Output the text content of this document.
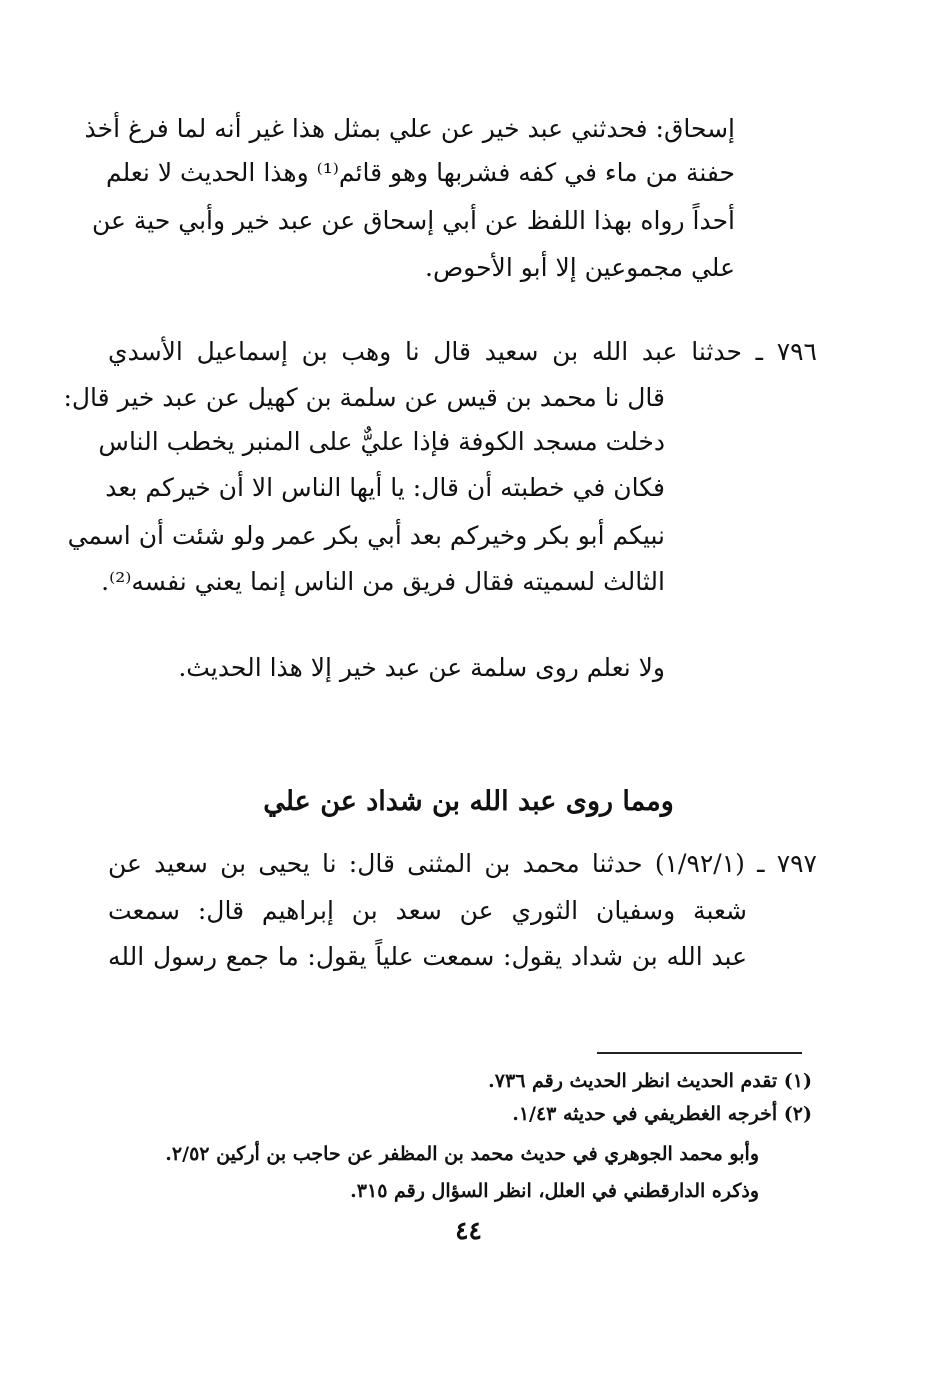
إسحاق: فحدثني عبد خير عن علي بمثل هذا غير أنه لما فرغ أخذ
حفنة من ماء في كفه فشربها وهو قائم⁽¹⁾ وهذا الحديث لا نعلم
أحداً رواه بهذا اللفظ عن أبي إسحاق عن عبد خير وأبي حية عن
علي مجموعين إلا أبو الأحوص.
٧٩٦ ـ حدثنا عبد الله بن سعيد قال نا وهب بن إسماعيل الأسدي
قال نا محمد بن قيس عن سلمة بن كهيل عن عبد خير قال:
دخلت مسجد الكوفة فإذا عليٌّ على المنبر يخطب الناس
فكان في خطبته أن قال: يا أيها الناس الا أن خيركم بعد
نبيكم أبو بكر وخيركم بعد أبي بكر عمر ولو شئت أن اسمي
الثالث لسميته فقال فريق من الناس إنما يعني نفسه⁽²⁾.
ولا نعلم روى سلمة عن عبد خير إلا هذا الحديث.
ومما روى عبد الله بن شداد عن علي
٧٩٧ ـ (١/٩٢/١) حدثنا محمد بن المثنى قال: نا يحيى بن سعيد عن
شعبة وسفيان الثوري عن سعد بن إبراهيم قال: سمعت
عبد الله بن شداد يقول: سمعت علياً يقول: ما جمع رسول الله
(١) تقدم الحديث انظر الحديث رقم ٧٣٦.
(٢) أخرجه الغطريفي في حديثه ١/٤٣.
وأبو محمد الجوهري في حديث محمد بن المظفر عن حاجب بن أركين ٢/٥٢.
وذكره الدارقطني في العلل، انظر السؤال رقم ٣١٥.
٤٤
